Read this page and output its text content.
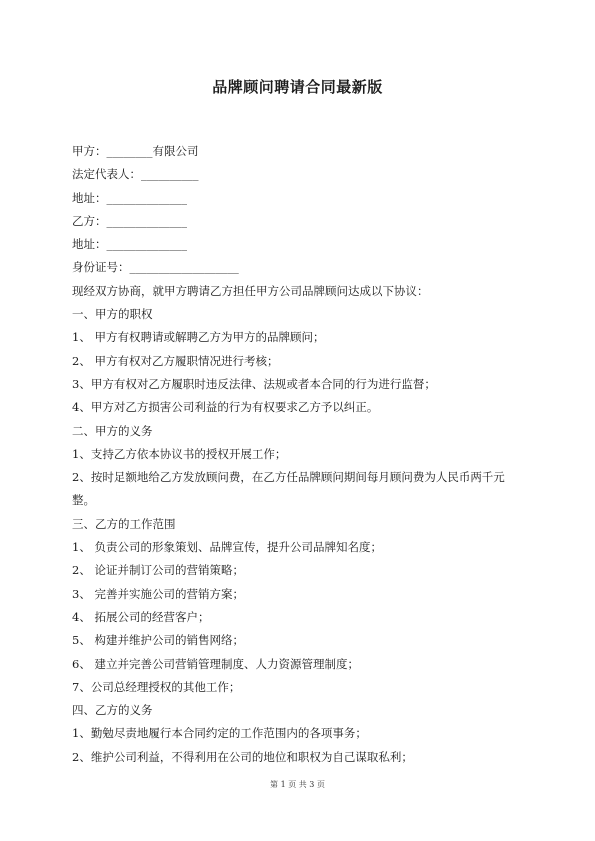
品牌顾问聘请合同最新版
甲方：________有限公司
法定代表人：__________
地址：______________
乙方：______________
地址：______________
身份证号：___________________
现经双方协商，就甲方聘请乙方担任甲方公司品牌顾问达成以下协议：
一、甲方的职权
1、 甲方有权聘请或解聘乙方为甲方的品牌顾问；
2、 甲方有权对乙方履职情况进行考核；
3、甲方有权对乙方履职时违反法律、法规或者本合同的行为进行监督；
4、甲方对乙方损害公司利益的行为有权要求乙方予以纠正。
二、甲方的义务
1、支持乙方依本协议书的授权开展工作；
2、按时足额地给乙方发放顾问费，在乙方任品牌顾问期间每月顾问费为人民币两千元整。
三、乙方的工作范围
1、 负责公司的形象策划、品牌宣传，提升公司品牌知名度；
2、 论证并制订公司的营销策略；
3、 完善并实施公司的营销方案；
4、 拓展公司的经营客户；
5、 构建并维护公司的销售网络；
6、 建立并完善公司营销管理制度、人力资源管理制度；
7、公司总经理授权的其他工作；
四、乙方的义务
1、勤勉尽责地履行本合同约定的工作范围内的各项事务；
2、维护公司利益，不得利用在公司的地位和职权为自己谋取私利；
第 1 页 共 3 页
